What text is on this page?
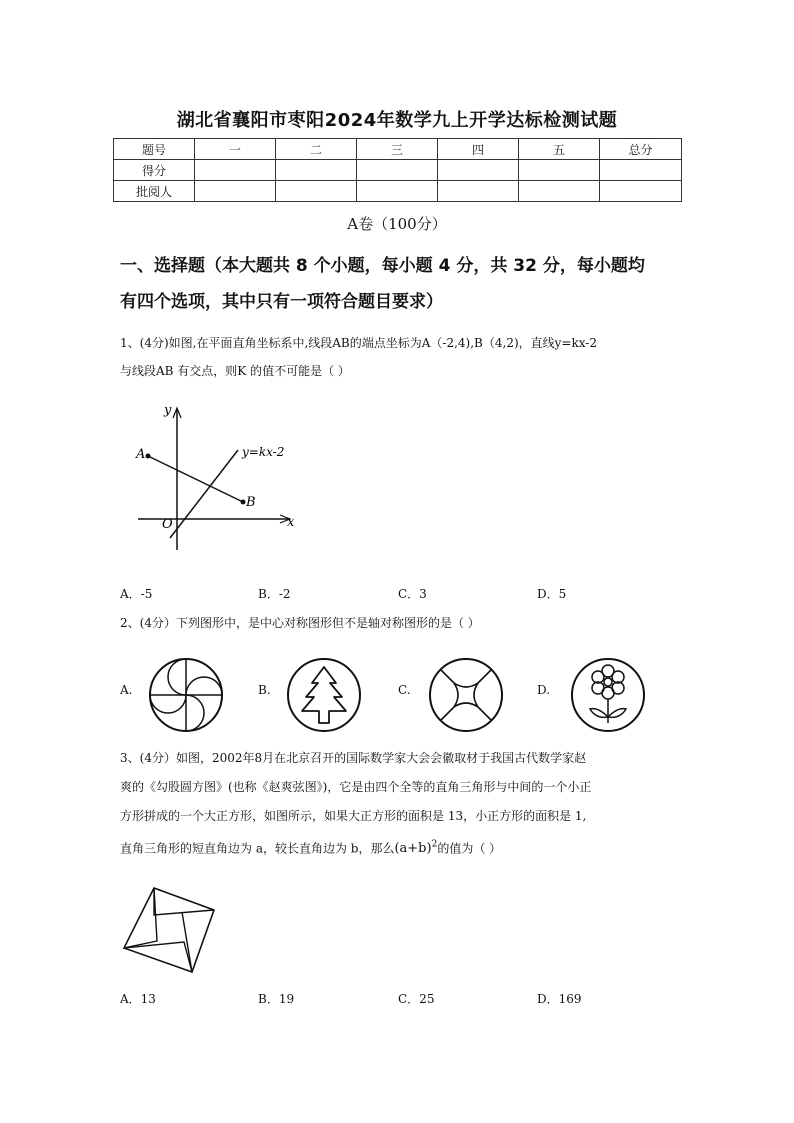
湖北省襄阳市枣阳2024年数学九上开学达标检测试题
题号	一	二	三	四	五	总分
得分						
批阅人						
A卷（100分）
一、选择题（本大题共 8 个小题，每小题 4 分，共 32 分，每小题均
有四个选项，其中只有一项符合题目要求）
1、(4分)如图,在平面直角坐标系中,线段AB的端点坐标为A（-2,4),B（4,2)，直线y=kx-2
与线段AB 有交点，则K 的值不可能是（ ）
y
x
O
A
B
y=kx-2
A．-5	B．-2	C．3	D．5
2、(4分）下列图形中，是中心对称图形但不是轴对称图形的是（ ）
A.	B.	C.	D.
3、(4分）如图，2002年8月在北京召开的国际数学家大会会徽取材于我国古代数学家赵
爽的《勾股圆方图》(也称《赵爽弦图》)，它是由四个全等的直角三角形与中间的一个小正
方形拼成的一个大正方形，如图所示，如果大正方形的面积是 13，小正方形的面积是 1,
直角三角形的短直角边为 a，较长直角边为 b，那么$(a+b)^2$的值为（ ）
A．13	B．19	C．25	D．169
